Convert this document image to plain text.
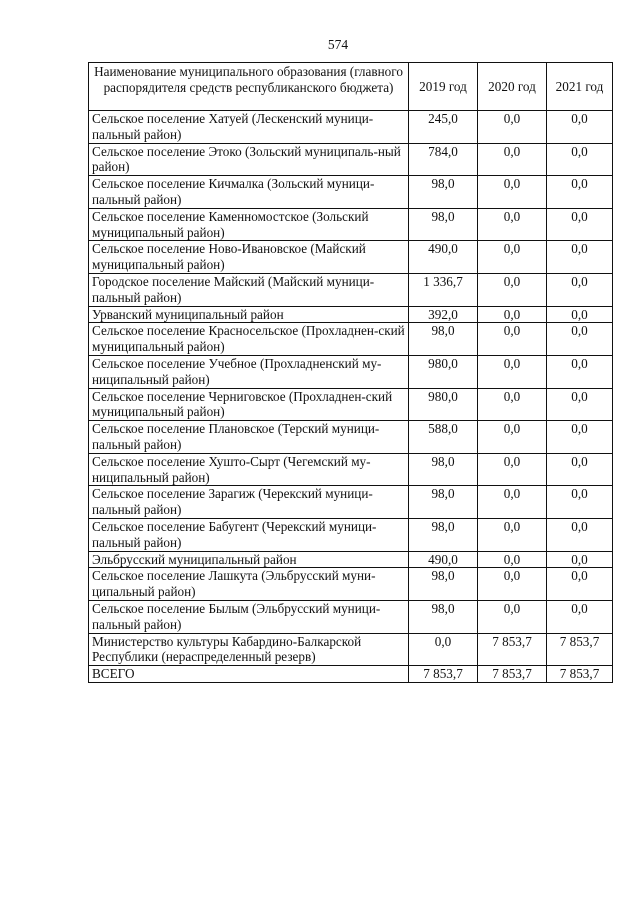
574
Наименование муниципального образования (главного распорядителя средств республиканского бюджета)	2019 год	2020 год	2021 год
Сельское поселение Хатуей (Лескенский муници-пальный район)	245,0	0,0	0,0
Сельское поселение Этоко (Зольский муниципаль-ный район)	784,0	0,0	0,0
Сельское поселение Кичмалка (Зольский муници-пальный район)	98,0	0,0	0,0
Сельское поселение Каменномостское (Зольский муниципальный район)	98,0	0,0	0,0
Сельское поселение Ново-Ивановское (Майский муниципальный район)	490,0	0,0	0,0
Городское поселение Майский (Майский муници-пальный район)	1 336,7	0,0	0,0
Урванский муниципальный район	392,0	0,0	0,0
Сельское поселение Красносельское (Прохладнен-ский муниципальный район)	98,0	0,0	0,0
Сельское поселение Учебное (Прохладненский му-ниципальный район)	980,0	0,0	0,0
Сельское поселение Черниговское (Прохладнен-ский муниципальный район)	980,0	0,0	0,0
Сельское поселение Плановское (Терский муници-пальный район)	588,0	0,0	0,0
Сельское поселение Хушто-Сырт (Чегемский му-ниципальный район)	98,0	0,0	0,0
Сельское поселение Зарагиж (Черекский муници-пальный район)	98,0	0,0	0,0
Сельское поселение Бабугент (Черекский муници-пальный район)	98,0	0,0	0,0
Эльбрусский муниципальный район	490,0	0,0	0,0
Сельское поселение Лашкута (Эльбрусский муни-ципальный район)	98,0	0,0	0,0
Сельское поселение Былым (Эльбрусский муници-пальный район)	98,0	0,0	0,0
Министерство культуры Кабардино-Балкарской Республики (нераспределенный резерв)	0,0	7 853,7	7 853,7
ВСЕГО	7 853,7	7 853,7	7 853,7
